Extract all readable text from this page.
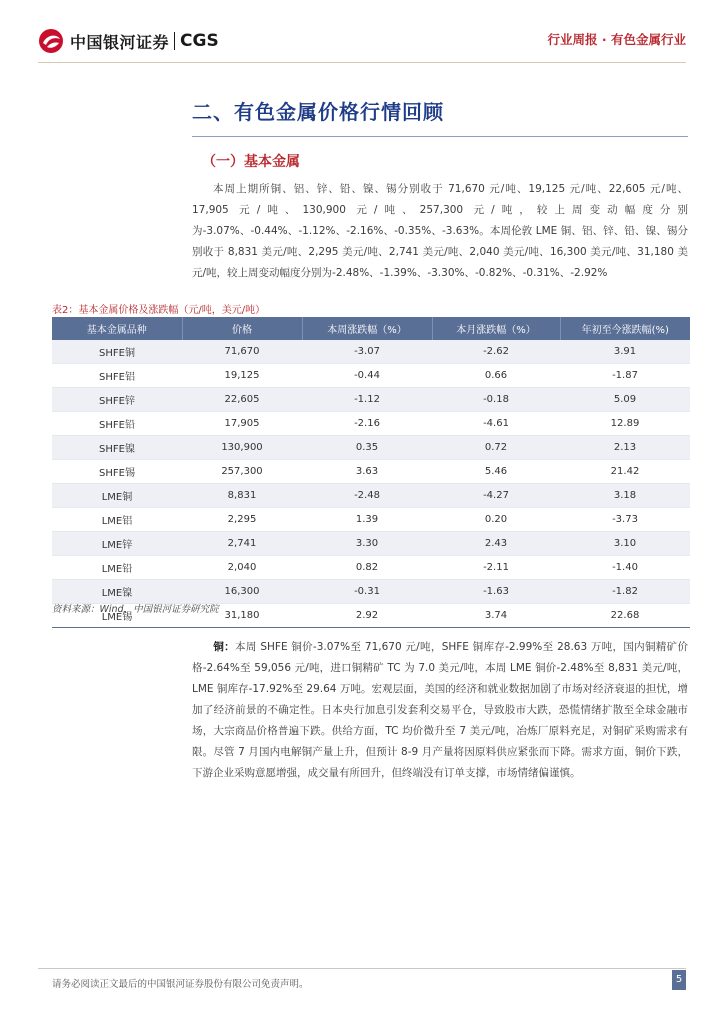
中国银河证券 CGS	行业周报 · 有色金属行业
二、有色金属价格行情回顾
（一）基本金属
本周上期所铜、铝、锌、铅、镍、锡分别收于 71,670 元/吨、19,125 元/吨、22,605 元/吨、17,905 元/吨、130,900 元/吨、257,300 元/吨，较上周变动幅度分别为-3.07%、-0.44%、-1.12%、-2.16%、-0.35%、-3.63%。本周伦敦 LME 铜、铝、锌、铅、镍、锡分别收于 8,831 美元/吨、2,295 美元/吨、2,741 美元/吨、2,040 美元/吨、16,300 美元/吨、31,180 美元/吨，较上周变动幅度分别为-2.48%、-1.39%、-3.30%、-0.82%、-0.31%、-2.92%
表2：基本金属价格及涨跌幅（元/吨，美元/吨）
基本金属品种	价格	本周涨跌幅（%）	本月涨跌幅（%）	年初至今涨跌幅(%)
SHFE铜	71,670	-3.07	-2.62	3.91
SHFE铝	19,125	-0.44	0.66	-1.87
SHFE锌	22,605	-1.12	-0.18	5.09
SHFE铅	17,905	-2.16	-4.61	12.89
SHFE镍	130,900	0.35	0.72	2.13
SHFE锡	257,300	3.63	5.46	21.42
LME铜	8,831	-2.48	-4.27	3.18
LME铝	2,295	1.39	0.20	-3.73
LME锌	2,741	3.30	2.43	3.10
LME铅	2,040	0.82	-2.11	-1.40
LME镍	16,300	-0.31	-1.63	-1.82
LME锡	31,180	2.92	3.74	22.68
资料来源：Wind，中国银河证券研究院
铜：本周 SHFE 铜价-3.07%至 71,670 元/吨，SHFE 铜库存-2.99%至 28.63 万吨，国内铜精矿价格-2.64%至 59,056 元/吨，进口铜精矿 TC 为 7.0 美元/吨，本周 LME 铜价-2.48%至 8,831 美元/吨，LME 铜库存-17.92%至 29.64 万吨。宏观层面，美国的经济和就业数据加剧了市场对经济衰退的担忧，增加了经济前景的不确定性。日本央行加息引发套利交易平仓，导致股市大跌，恐慌情绪扩散至全球金融市场，大宗商品价格普遍下跌。供给方面，TC 均价微升至 7 美元/吨，冶炼厂原料充足，对铜矿采购需求有限。尽管 7 月国内电解铜产量上升，但预计 8-9 月产量将因原料供应紧张而下降。需求方面，铜价下跌，下游企业采购意愿增强，成交量有所回升，但终端没有订单支撑，市场情绪偏谨慎。
请务必阅读正文最后的中国银河证券股份有限公司免责声明。	5
